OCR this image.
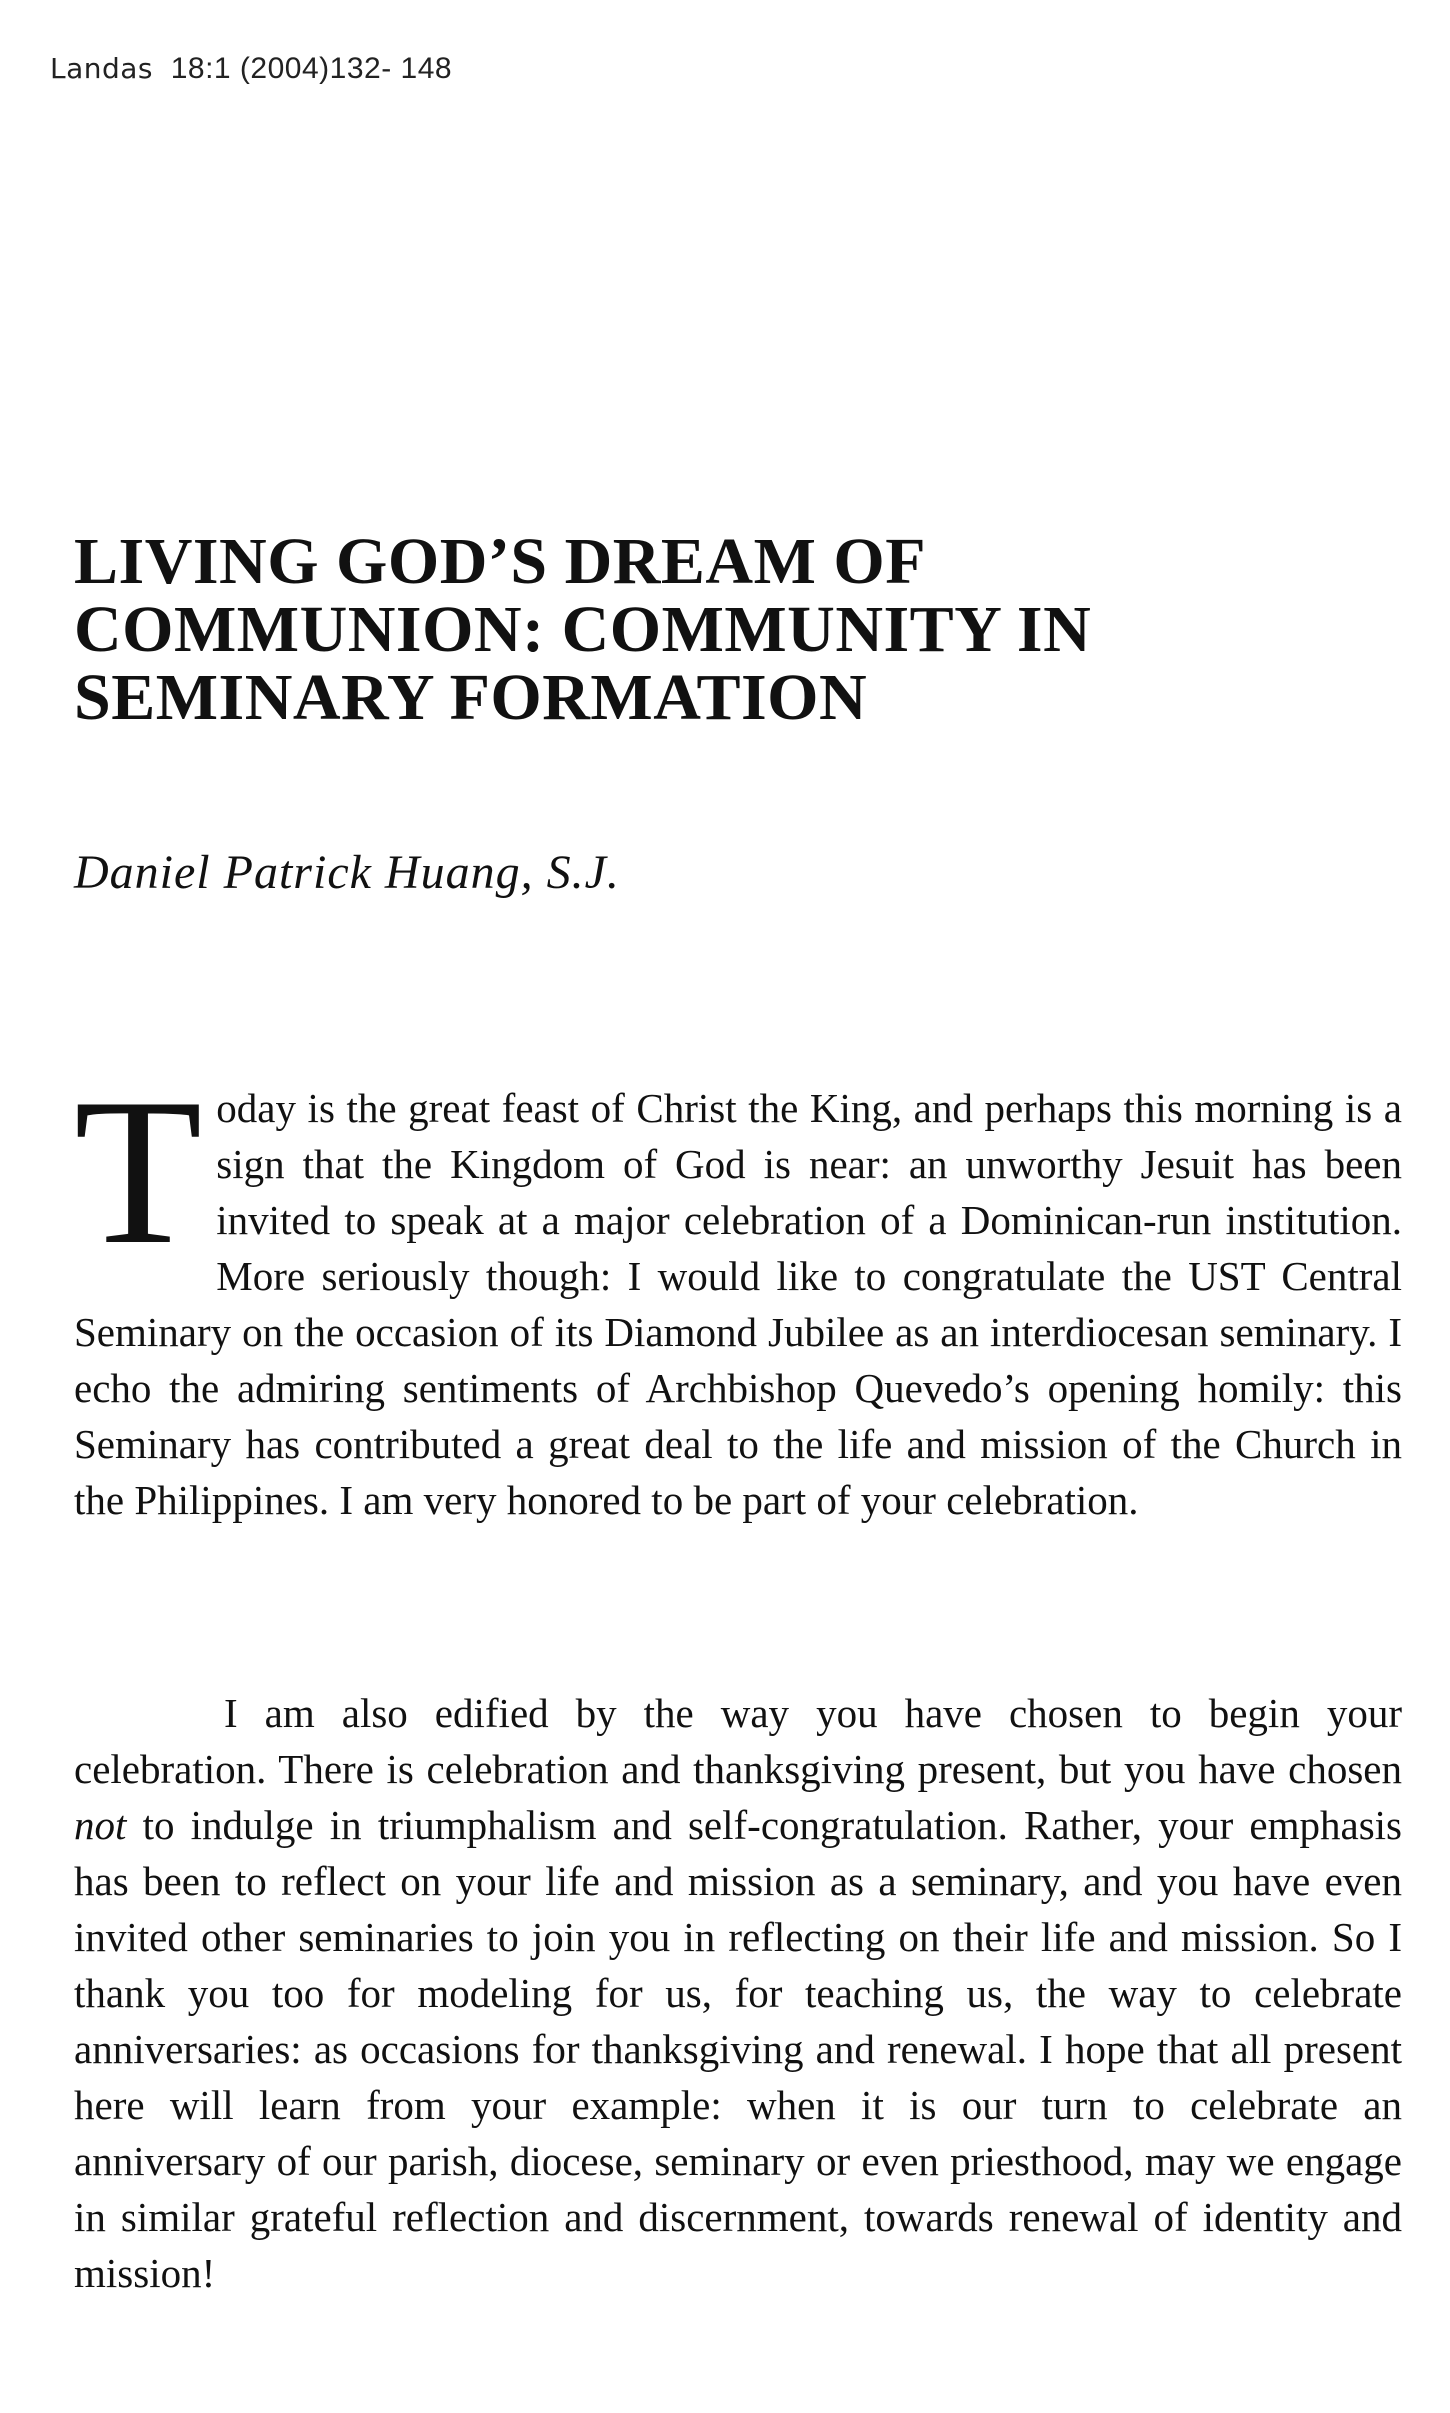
Landas 18:1 (2004)132- 148
LIVING GOD’S DREAM OF
COMMUNION: COMMUNITY IN
SEMINARY FORMATION
Daniel Patrick Huang, S.J.

Today is the great feast of Christ the King, and perhaps this morning is a sign that the Kingdom of God is near: an unworthy Jesuit has been invited to speak at a major celebration of a Dominican-run institution. More seriously though: I would like to congratulate the UST Central Seminary on the occasion of its Diamond Jubilee as an interdiocesan seminary. I echo the admiring sentiments of Archbishop Quevedo’s opening homily: this Seminary has contributed a great deal to the life and mission of the Church in the Philippines. I am very honored to be part of your celebration.

I am also edified by the way you have chosen to begin your celebration. There is celebration and thanksgiving present, but you have chosen not to indulge in triumphalism and self-congratulation. Rather, your emphasis has been to reflect on your life and mission as a seminary, and you have even invited other seminaries to join you in reflecting on their life and mission. So I thank you too for modeling for us, for teaching us, the way to celebrate anniversaries: as occasions for thanksgiving and renewal. I hope that all present here will learn from your example: when it is our turn to celebrate an anniversary of our parish, diocese, seminary or even priesthood, may we engage in similar grateful reflection and discernment, towards renewal of identity and mission!
